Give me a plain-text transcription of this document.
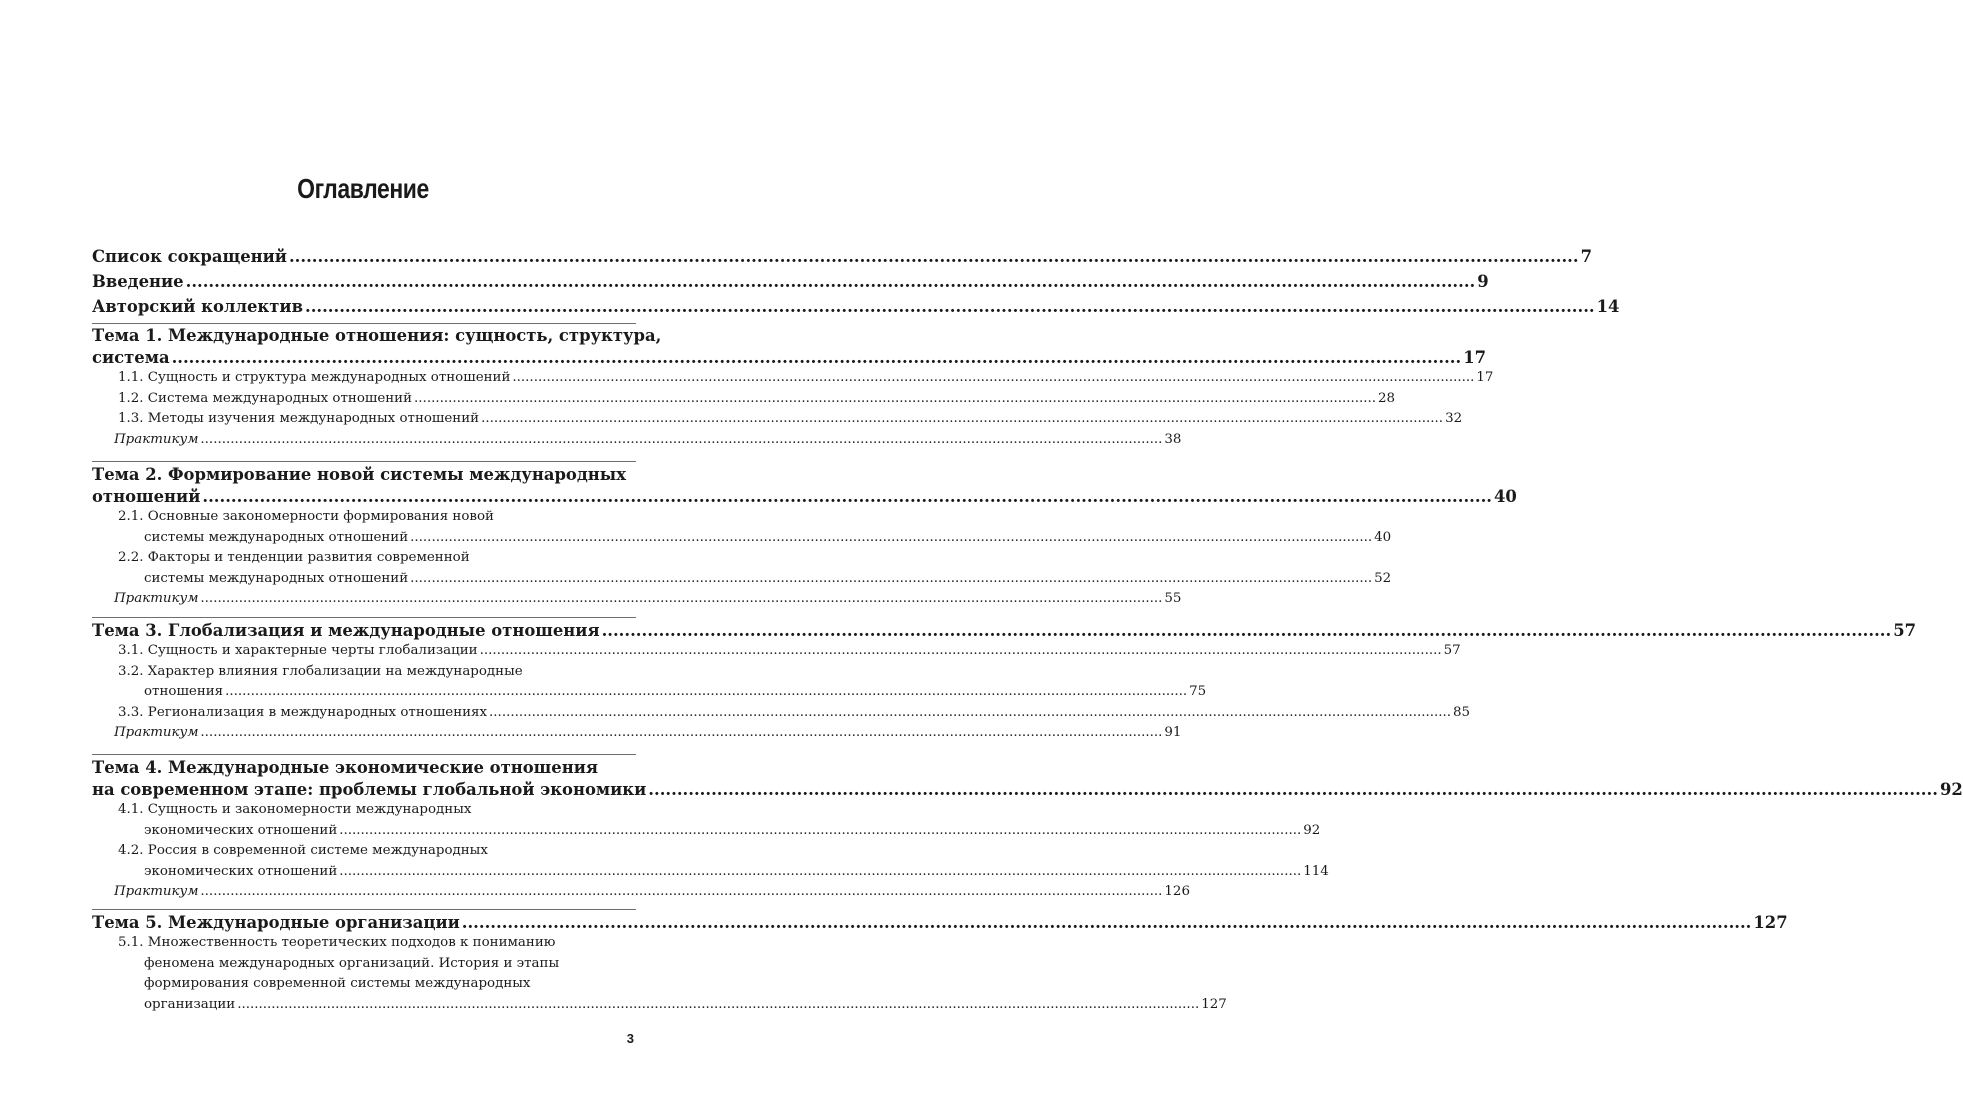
Оглавление
Список сокращений .....	7
Введение .....	9
Авторский коллектив .....	14
Тема 1. Международные отношения: сущность, структура,
система .....	17
1.1. Сущность и структура международных отношений .....	17
1.2. Система международных отношений .....	28
1.3. Методы изучения международных отношений .....	32
Практикум .....	38
Тема 2. Формирование новой системы международных
отношений .....	40
2.1. Основные закономерности формирования новой
системы международных отношений .....	40
2.2. Факторы и тенденции развития современной
системы международных отношений .....	52
Практикум .....	55
Тема 3. Глобализация и международные отношения .....	57
3.1. Сущность и характерные черты глобализации .....	57
3.2. Характер влияния глобализации на международные
отношения .....	75
3.3. Регионализация в международных отношениях .....	85
Практикум .....	91
Тема 4. Международные экономические отношения
на современном этапе: проблемы глобальной экономики .....	92
4.1. Сущность и закономерности международных
экономических отношений .....	92
4.2. Россия в современной системе международных
экономических отношений .....	114
Практикум .....	126
Тема 5. Международные организации .....	127
5.1. Множественность теоретических подходов к пониманию
феномена международных организаций. История и этапы
формирования современной системы международных
организации .....	127
3
